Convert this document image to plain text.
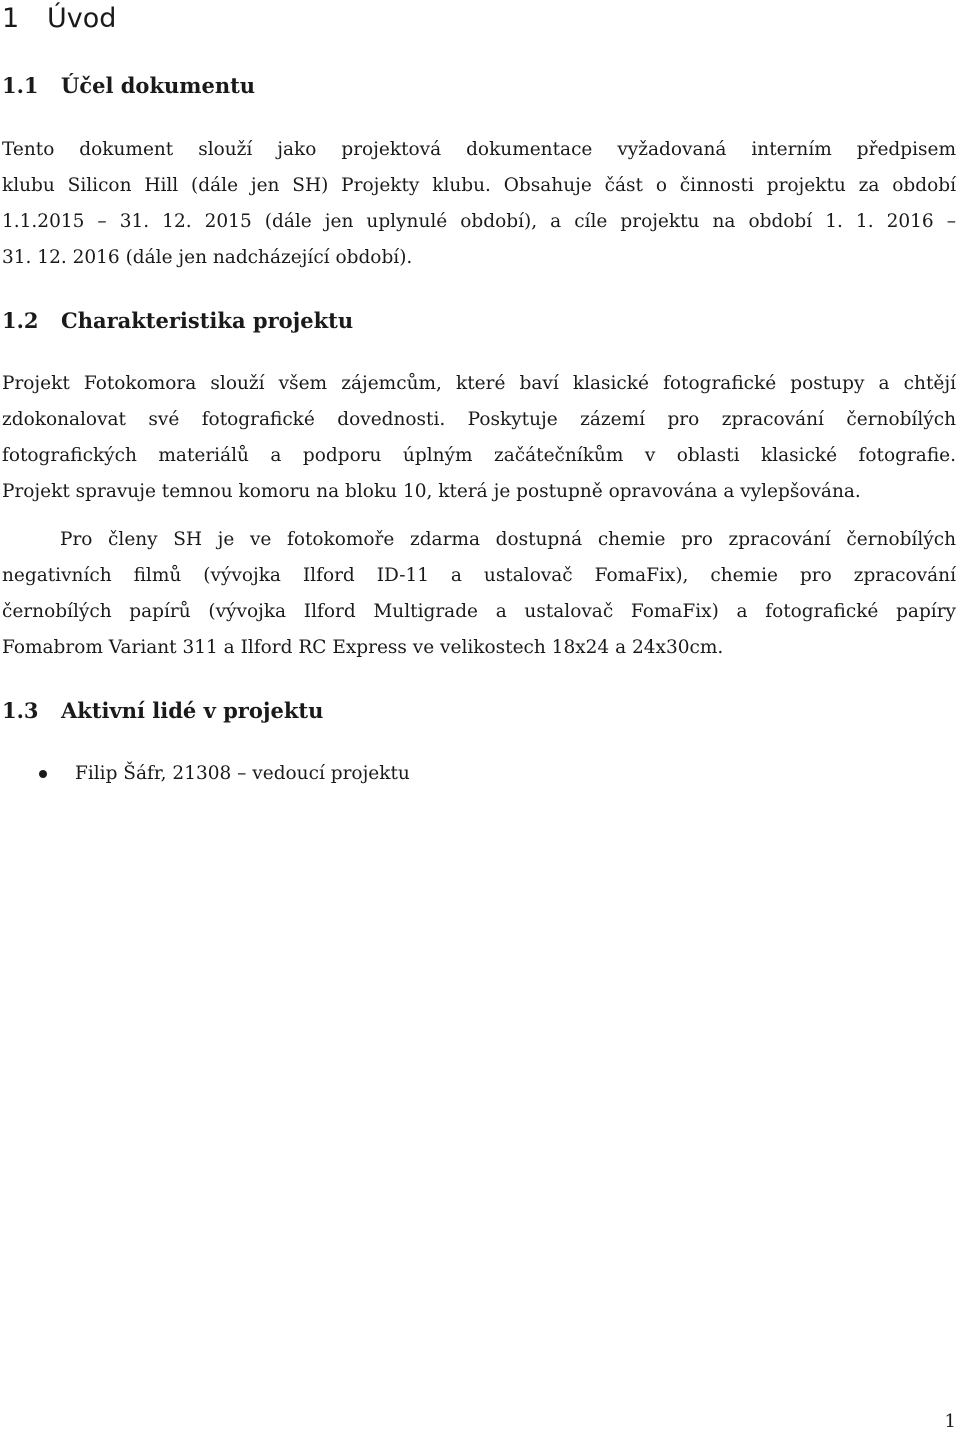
1 Úvod
1.1 Účel dokumentu

Tento dokument slouží jako projektová dokumentace vyžadovaná interním předpisem
klubu Silicon Hill (dále jen SH) Projekty klubu. Obsahuje část o činnosti projektu za období
1.1.2015 – 31. 12. 2015 (dále jen uplynulé období), a cíle projektu na období 1. 1. 2016 –
31. 12. 2016 (dále jen nadcházející období).

1.2 Charakteristika projektu

Projekt Fotokomora slouží všem zájemcům, které baví klasické fotografické postupy a chtějí
zdokonalovat své fotografické dovednosti. Poskytuje zázemí pro zpracování černobílých
fotografických materiálů a podporu úplným začátečníkům v oblasti klasické fotografie.
Projekt spravuje temnou komoru na bloku 10, která je postupně opravována a vylepšována.

Pro členy SH je ve fotokomoře zdarma dostupná chemie pro zpracování černobílých
negativních filmů (vývojka Ilford ID-11 a ustalovač FomaFix), chemie pro zpracování
černobílých papírů (vývojka Ilford Multigrade a ustalovač FomaFix) a fotografické papíry
Fomabrom Variant 311 a Ilford RC Express ve velikostech 18x24 a 24x30cm.

1.3 Aktivní lidé v projektu
Filip Šáfr, 21308 – vedoucí projektu
1
